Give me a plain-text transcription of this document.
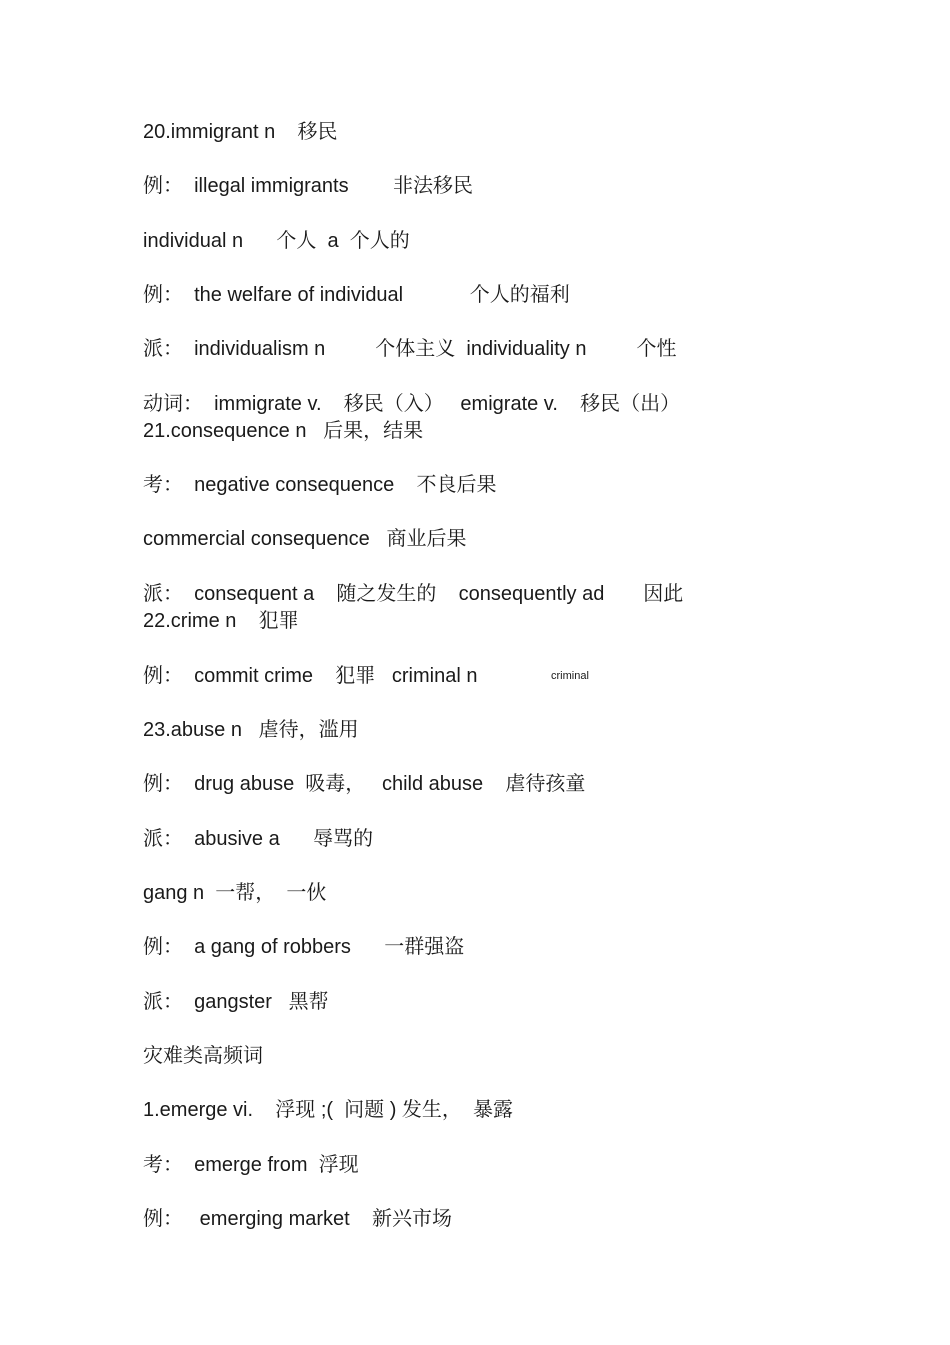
20.immigrant n    移民
例：  illegal immigrants        非法移民
individual n      个人  a  个人的
例：  the welfare of individual            个人的福利
派：  individualism n         个体主义  individuality n         个性
动词：  immigrate v.    移民（入）   emigrate v.    移民（出）
21.consequence n   后果，结果
考：  negative consequence    不良后果
commercial consequence   商业后果
派：  consequent a    随之发生的    consequently ad       因此
22.crime n    犯罪
例：  commit crime    犯罪   criminal n	criminal
23.abuse n   虐待，滥用
例：  drug abuse  吸毒，   child abuse    虐待孩童
派：  abusive a      辱骂的
gang n  一帮，  一伙
例：  a gang of robbers      一群强盗
派：  gangster   黑帮
灾难类高频词
1.emerge vi.    浮现 ;(  问题 ) 发生，  暴露
考：  emerge from  浮现
例：   emerging market    新兴市场
